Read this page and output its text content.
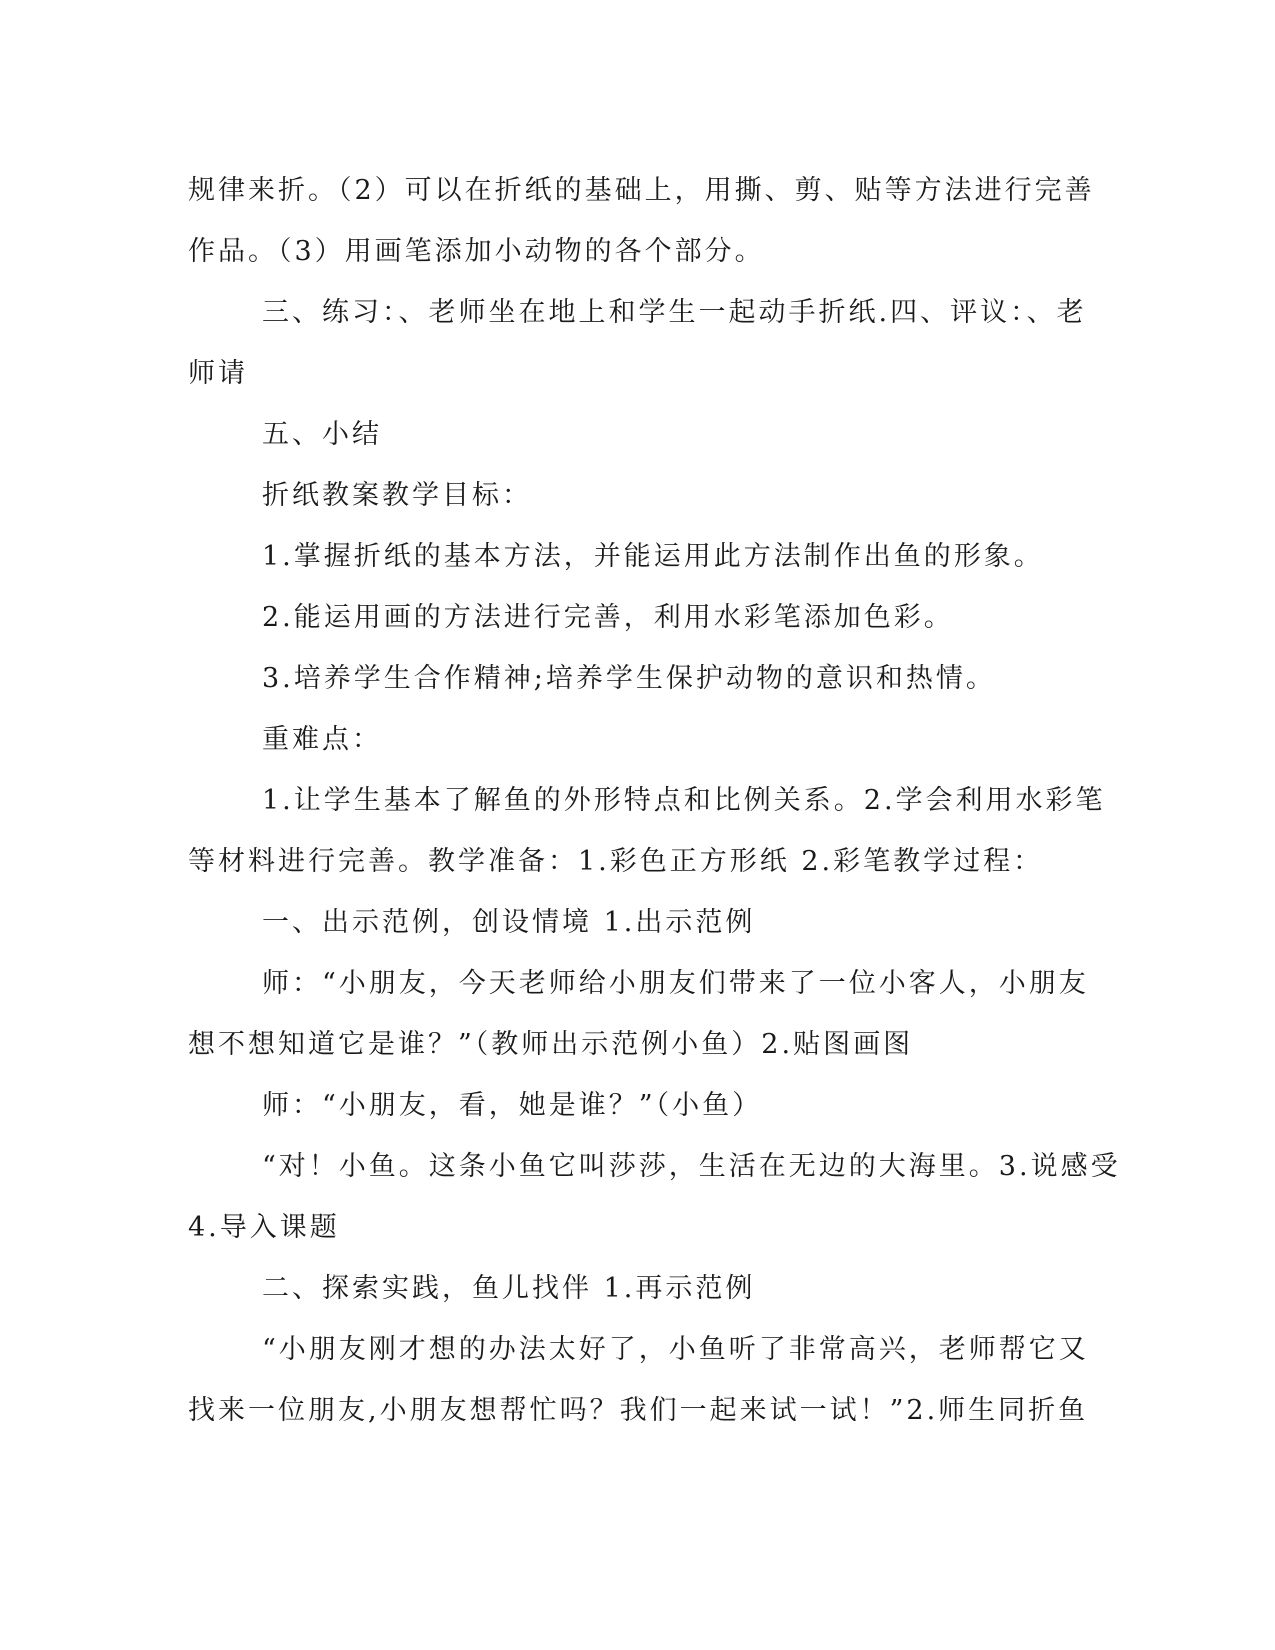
规律来折。（2）可以在折纸的基础上，用撕、剪、贴等方法进行完善
作品。（3）用画笔添加小动物的各个部分。
三、练习：、老师坐在地上和学生一起动手折纸.四、评议：、老
师请
五、小结
折纸教案教学目标：
1.掌握折纸的基本方法，并能运用此方法制作出鱼的形象。
2.能运用画的方法进行完善，利用水彩笔添加色彩。
3.培养学生合作精神;培养学生保护动物的意识和热情。
重难点：
1.让学生基本了解鱼的外形特点和比例关系。2.学会利用水彩笔
等材料进行完善。教学准备：1.彩色正方形纸 2.彩笔教学过程：
一、出示范例，创设情境 1.出示范例
师：“小朋友，今天老师给小朋友们带来了一位小客人，小朋友
想不想知道它是谁？”（教师出示范例小鱼）2.贴图画图
师：“小朋友，看，她是谁？”（小鱼）
“对！小鱼。这条小鱼它叫莎莎，生活在无边的大海里。3.说感受
4.导入课题
二、探索实践，鱼儿找伴 1.再示范例
“小朋友刚才想的办法太好了，小鱼听了非常高兴，老师帮它又
找来一位朋友,小朋友想帮忙吗？我们一起来试一试！”2.师生同折鱼
